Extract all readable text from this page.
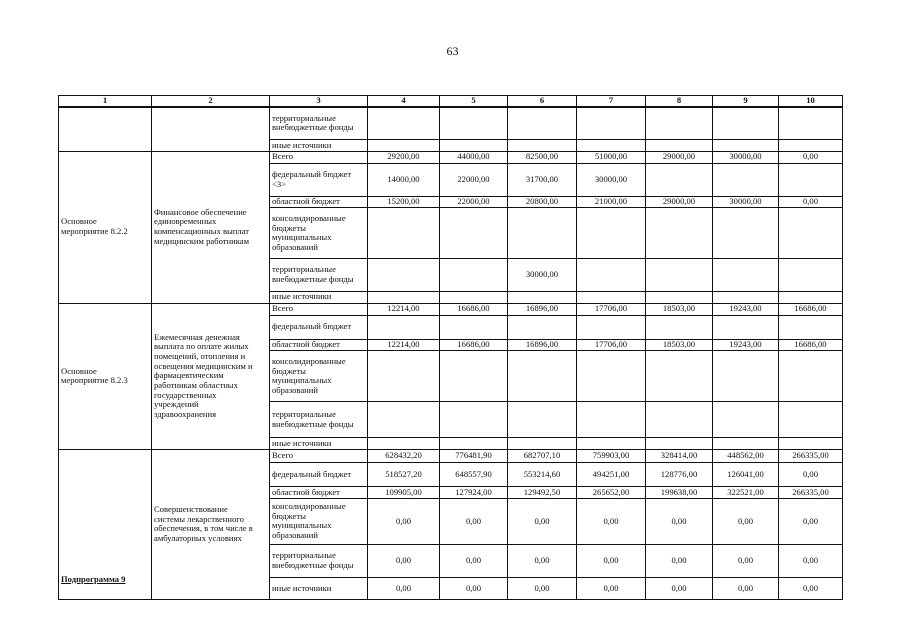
63
1	2	3	4	5	6	7	8	9	10
		территориальные внебюджетные фонды							
		иные источники							

Основное мероприятие 8.2.2	Финансовое обеспечение единовременных компенсационных выплат медицинским работникам	Всего	29200,00	44000,00	82500,00	51000,00	29000,00	30000,00	0,00
		федеральный бюджет <3>	14000,00	22000,00	31700,00	30000,00			
		областной бюджет	15200,00	22000,00	20800,00	21000,00	29000,00	30000,00	0,00
		консолидированные бюджеты муниципальных образований							
		территориальные внебюджетные фонды			30000,00				
		иные источники							

Основное мероприятие 8.2.3	Ежемесячная денежная выплата по оплате жилых помещений, отопления и освещения медицинским и фармацевтическим работникам областных государственных учреждений здравоохранения	Всего	12214,00	16686,00	16896,00	17706,00	18503,00	19243,00	16686,00
		федеральный бюджет							
		областной бюджет	12214,00	16686,00	16896,00	17706,00	18503,00	19243,00	16686,00
		консолидированные бюджеты муниципальных образований							
		территориальные внебюджетные фонды							
		иные источники							

Подпрограмма 9	Совершенствование системы лекарственного обеспечения, в том числе в амбулаторных условиях	Всего	628432,20	776481,90	682707,10	759903,00	328414,00	448562,00	266335,00
		федеральный бюджет	518527,20	648557,90	553214,60	494251,00	128776,00	126041,00	0,00
		областной бюджет	109905,00	127924,00	129492,50	265652,00	199638,00	322521,00	266335,00
		консолидированные бюджеты муниципальных образований	0,00	0,00	0,00	0,00	0,00	0,00	0,00
		территориальные внебюджетные фонды	0,00	0,00	0,00	0,00	0,00	0,00	0,00
		иные источники	0,00	0,00	0,00	0,00	0,00	0,00	0,00
